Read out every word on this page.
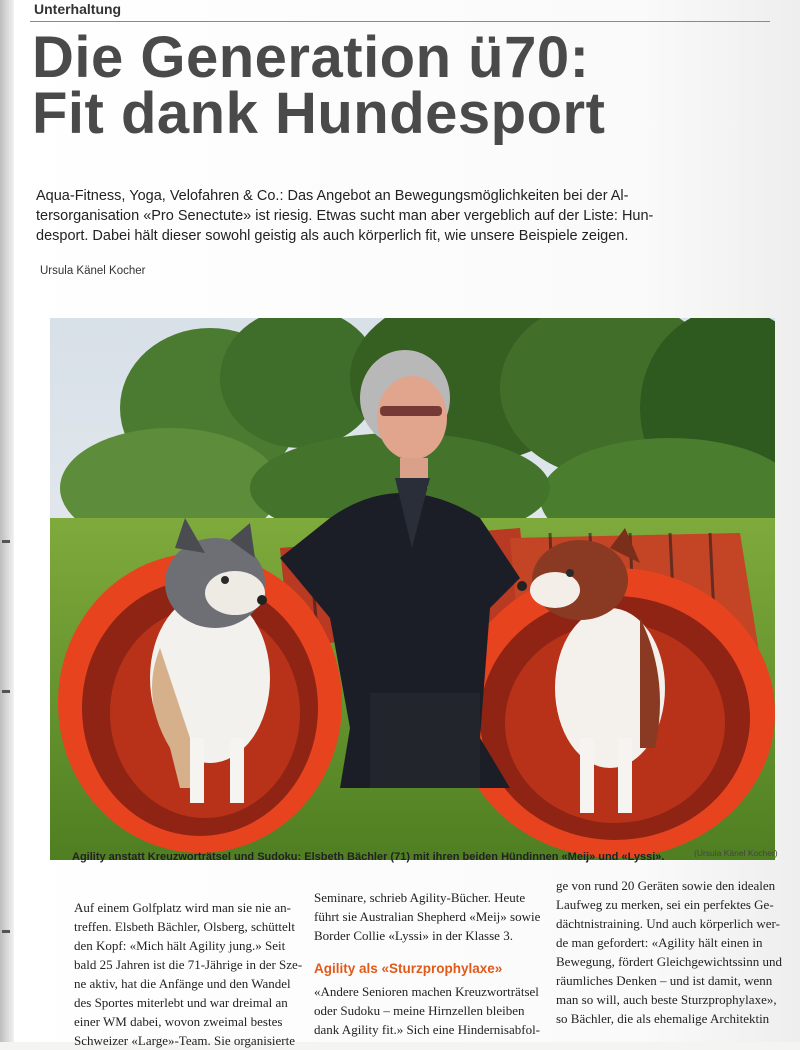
Unterhaltung
Die Generation ü70:
Fit dank Hundesport
Aqua-Fitness, Yoga, Velofahren & Co.: Das Angebot an Bewegungsmöglichkeiten bei der Al-
tersorganisation «Pro Senectute» ist riesig. Etwas sucht man aber vergeblich auf der Liste: Hun-
desport. Dabei hält dieser sowohl geistig als auch körperlich fit, wie unsere Beispiele zeigen.
Ursula Känel Kocher
Agility anstatt Kreuzworträtsel und Sudoku: Elsbeth Bächler (71) mit ihren beiden Hündinnen «Meij» und «Lyssi».	(Ursula Känel Kocher)
Auf einem Golfplatz wird man sie nie an-
treffen. Elsbeth Bächler, Olsberg, schüttelt
den Kopf: «Mich hält Agility jung.» Seit
bald 25 Jahren ist die 71-Jährige in der Sze-
ne aktiv, hat die Anfänge und den Wandel
des Sportes miterlebt und war dreimal an
einer WM dabei, wovon zweimal bestes
Schweizer «Large»-Team. Sie organisierte
Seminare, schrieb Agility-Bücher. Heute
führt sie Australian Shepherd «Meij» sowie
Border Collie «Lyssi» in der Klasse 3.
Agility als «Sturzprophylaxe»
«Andere Senioren machen Kreuzworträtsel
oder Sudoku – meine Hirnzellen bleiben
dank Agility fit.» Sich eine Hindernisabfol-
ge von rund 20 Geräten sowie den idealen
Laufweg zu merken, sei ein perfektes Ge-
dächtnistraining. Und auch körperlich wer-
de man gefordert: «Agility hält einen in
Bewegung, fördert Gleichgewichtssinn und
räumliches Denken – und ist damit, wenn
man so will, auch beste Sturzprophylaxe»,
so Bächler, die als ehemalige Architektin
